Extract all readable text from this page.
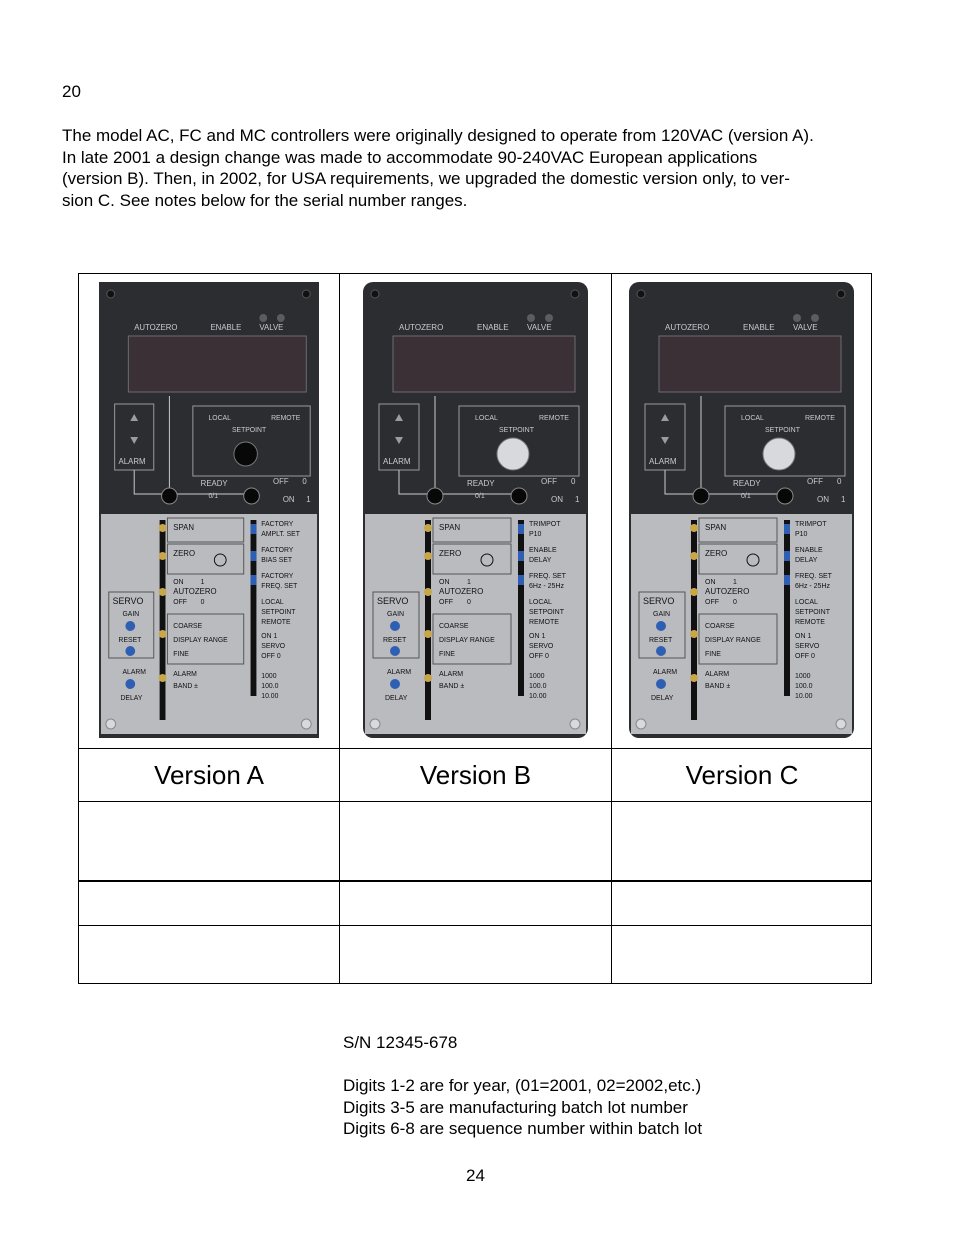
20

The model AC, FC and MC controllers were originally designed to operate from 120VAC (version A).

In late 2001 a design change was made to accommodate 90-240VAC European applications

(version B). Then, in 2002, for USA requirements, we upgraded the domestic version only, to ver-

sion C. See notes below for the serial number ranges.

AUTOZERO	ENABLE VALVE
ALARM
LOCAL	REMOTE
SETPOINT
READY
0/1
OFF 0
ON 1
SPAN
ZERO
ON 1
AUTOZERO
OFF 0
COARSE
DISPLAY RANGE
FINE
ALARM
BAND ±
SERVO
GAIN
RESET
ALARM
DELAY
FACTORY
AMPLT. SET
FACTORY
BIAS SET
FACTORY
FREQ. SET
LOCAL
SETPOINT
REMOTE
ON 1
SERVO
OFF 0
1000
100.0
10.00
AUTOZERO	ENABLE VALVE
ALARM
LOCAL	REMOTE
SETPOINT
READY
0/1
OFF 0
ON 1
SPAN
ZERO
ON	1
AUTOZERO
OFF 0
COARSE
DISPLAY RANGE
FINE
ALARM
BAND ±
SERVO
GAIN
RESET
ALARM
DELAY
TRIMPOT
P10
ENABLE
DELAY
FREQ. SET
6Hz - 25Hz
LOCAL
SETPOINT
REMOTE
ON 1
SERVO
OFF 0
1000
100.0
10.00
AUTOZERO	ENABLE VALVE
ALARM
LOCAL	REMOTE
SETPOINT
READY
0/1
OFF 0
ON 1
SPAN
ZERO
ON	1
AUTOZERO
OFF 0
COARSE
DISPLAY RANGE
FINE
ALARM
BAND ±
SERVO
GAIN
RESET
ALARM
DELAY
TRIMPOT
P10
ENABLE
DELAY
FREQ. SET
6Hz - 25Hz
LOCAL
SETPOINT
REMOTE
ON 1
SERVO
OFF 0
1000
100.0
10.00
Version A	Version B	Version C
S/N 12345-678
Digits 1-2 are for year, (01=2001, 02=2002,etc.)
Digits 3-5 are manufacturing batch lot number
Digits 6-8 are sequence number within batch lot
24
